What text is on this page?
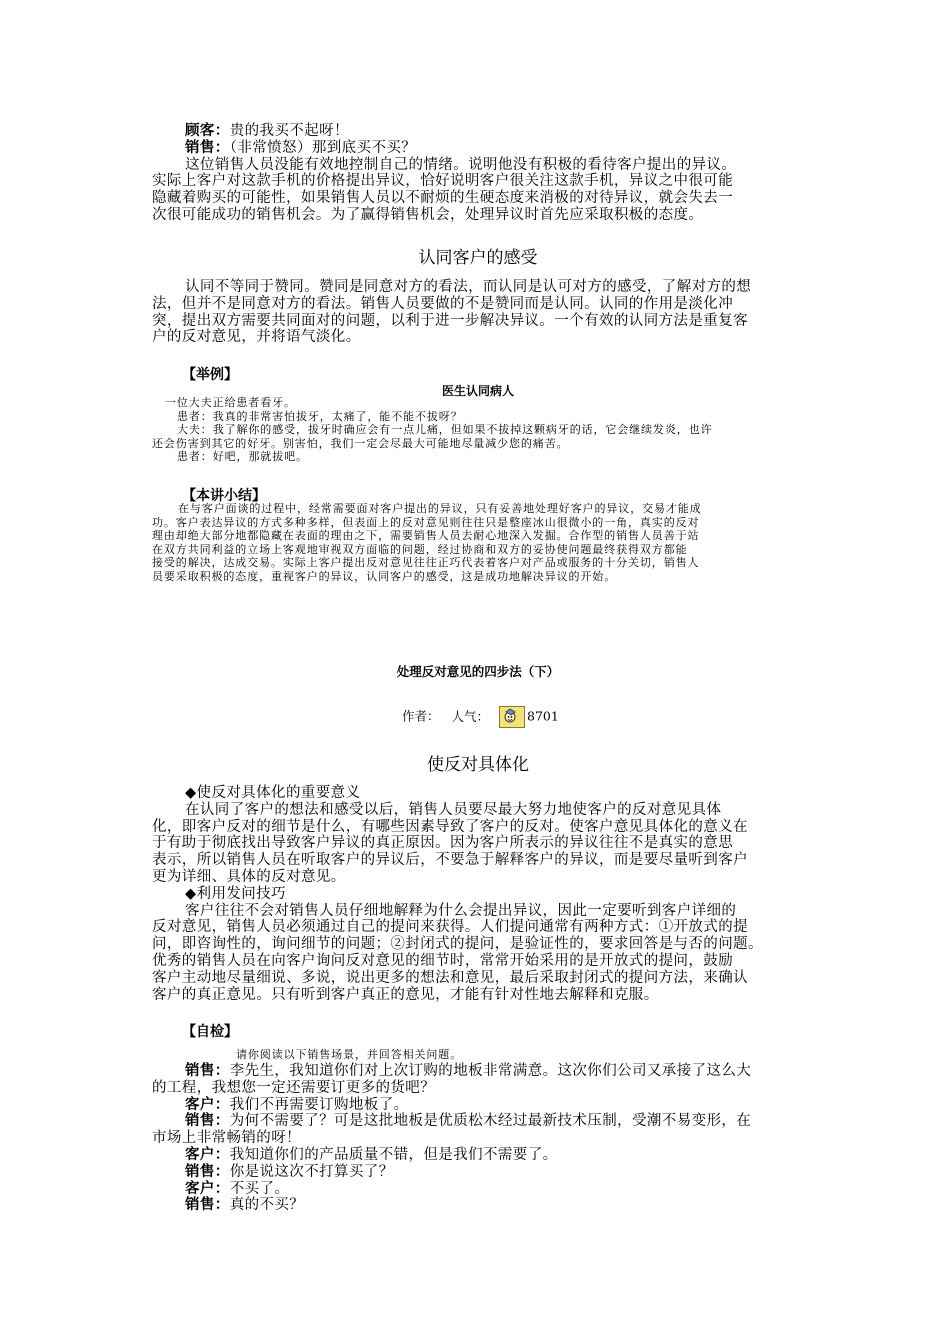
顾客：贵的我买不起呀！
销售：（非常愤怒）那到底买不买？
这位销售人员没能有效地控制自己的情绪。说明他没有积极的看待客户提出的异议。
实际上客户对这款手机的价格提出异议，恰好说明客户很关注这款手机，异议之中很可能
隐藏着购买的可能性，如果销售人员以不耐烦的生硬态度来消极的对待异议，就会失去一
次很可能成功的销售机会。为了赢得销售机会，处理异议时首先应采取积极的态度。
认同客户的感受
认同不等同于赞同。赞同是同意对方的看法，而认同是认可对方的感受，了解对方的想
法，但并不是同意对方的看法。销售人员要做的不是赞同而是认同。认同的作用是淡化冲
突，提出双方需要共同面对的问题，以利于进一步解决异议。一个有效的认同方法是重复客
户的反对意见，并将语气淡化。
【举例】
医生认同病人
一位大夫正给患者看牙。
患者：我真的非常害怕拔牙，太痛了，能不能不拔呀？
大夫：我了解你的感受，拔牙时确应会有一点儿痛，但如果不拔掉这颗病牙的话，它会继续发炎，也许
还会伤害到其它的好牙。别害怕，我们一定会尽最大可能地尽量减少您的痛苦。
患者：好吧，那就拔吧。
【本讲小结】
在与客户面谈的过程中，经常需要面对客户提出的异议，只有妥善地处理好客户的异议，交易才能成
功。客户表达异议的方式多种多样，但表面上的反对意见则往往只是整座冰山很微小的一角，真实的反对
理由却绝大部分地都隐藏在表面的理由之下，需要销售人员去耐心地深入发掘。合作型的销售人员善于站
在双方共同利益的立场上客观地审视双方面临的问题，经过协商和双方的妥协使问题最终获得双方都能
接受的解决，达成交易。实际上客户提出反对意见往往正巧代表着客户对产品或服务的十分关切，销售人
员要采取积极的态度，重视客户的异议，认同客户的感受，这是成功地解决异议的开始。
处理反对意见的四步法（下）
作者： 人气：	8701
使反对具体化
◆使反对具体化的重要意义
在认同了客户的想法和感受以后，销售人员要尽最大努力地使客户的反对意见具体
化，即客户反对的细节是什么，有哪些因素导致了客户的反对。使客户意见具体化的意义在
于有助于彻底找出导致客户异议的真正原因。因为客户所表示的异议往往不是真实的意思
表示，所以销售人员在听取客户的异议后，不要急于解释客户的异议，而是要尽量听到客户
更为详细、具体的反对意见。
◆利用发问技巧
客户往往不会对销售人员仔细地解释为什么会提出异议，因此一定要听到客户详细的
反对意见，销售人员必须通过自己的提问来获得。人们提问通常有两种方式：①开放式的提
问，即咨询性的，询问细节的问题；②封闭式的提问，是验证性的，要求回答是与否的问题。
优秀的销售人员在向客户询问反对意见的细节时，常常开始采用的是开放式的提问，鼓励
客户主动地尽量细说、多说，说出更多的想法和意见，最后采取封闭式的提问方法，来确认
客户的真正意见。只有听到客户真正的意见，才能有针对性地去解释和克服。
【自检】
请你阅读以下销售场景，并回答相关问题。
销售：李先生，我知道你们对上次订购的地板非常满意。这次你们公司又承接了这么大
的工程，我想您一定还需要订更多的货吧？
客户：我们不再需要订购地板了。
销售：为何不需要了？可是这批地板是优质松木经过最新技术压制，受潮不易变形，在
市场上非常畅销的呀！
客户：我知道你们的产品质量不错，但是我们不需要了。
销售：你是说这次不打算买了？
客户：不买了。
销售：真的不买？
